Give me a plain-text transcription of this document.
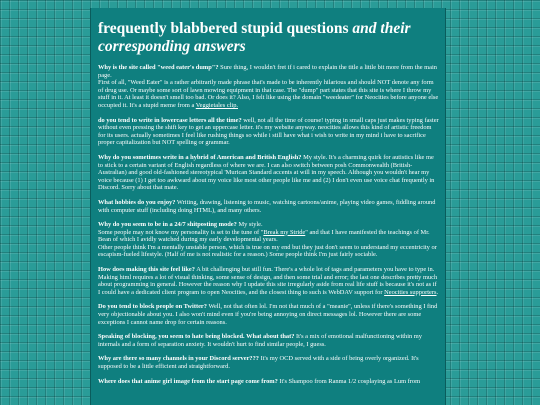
frequently blabbered stupid questions and their corresponding answers
Why is the site called "weed eater's dump"? Sure thing, I wouldn't fret if i cared to explain the title a little bit more from the main page.
First of all, "Weed Eater" is a rather arbitrarily made phrase that's made to be inherently hilarious and should NOT denote any form of drug use. Or maybe some sort of lawn mowing equipment in that case. The "dump" part states that this site is where I throw my stuff in it. At least it doesn't smell too bad. Or does it? Also, I felt like using the domain "weedeater" for Neocities before anyone else occupied it. It's a stupid meme from a Veggietales clip.
do you tend to write in lowercase letters all the time? well, not all the time of course! typing in small caps just makes typing faster without even pressing the shift key to get an uppercase letter. it's my website anyway. neocities allows this kind of artistic freedom for its users. actually sometimes I feel like rushing things so while i still have what i wish to write in my mind i have to sacrifice proper capitalization but NOT spelling or grammar.
Why do you sometimes write in a hybrid of American and British English? My style. It's a charming quirk for autistics like me to stick to a certain variant of English regardless of where we are. I can also switch between posh Commonwealth (British-Australian) and good old-fashioned stereotypical 'Murican Standard accents at will in my speech. Although you wouldn't hear my voice because (1) I get too awkward about my voice like most other people like me and (2) I don't even use voice chat frequently in Discord. Sorry about that mate.
What hobbies do you enjoy? Writing, drawing, listening to music, watching cartoons/anime, playing video games, fiddling around with computer stuff (including doing HTML), and many others.
Why do you seem to be in a 24/7 shitposting mode? My style.
Some people may not know my personality is set to the tune of "Break my Stride" and that I have manifested the teachings of Mr. Bean of which I avidly watched during my early developmental years.
Other people think I'm a mentally unstable person, which is true on my end but they just don't seem to understand my eccentricity or escapism-fueled lifestyle. (Half of me is not realistic for a reason.) Some people think I'm just fairly sociable.
How does making this site feel like? A bit challenging but still fun. There's a whole lot of tags and parameters you have to type in. Making html requires a lot of visual thinking, some sense of design, and then some trial and error; the last one describes pretty much about programming in general. However the reason why I update this site irregularly aside from real life stuff is because it's not as if I could have a dedicated client program to open Neocities, and the closest thing to such is WebDAV support for Neocities supporters.
Do you tend to block people on Twitter? Well, not that often lol. I'm not that much of a "meanie", unless if there's something I find very objectionable about you. I also won't mind even if you're being annoying on direct messages lol. However there are some exceptions I cannot name drop for certain reasons.
Speaking of blocking, you seem to hate being blocked. What about that? It's a mix of emotional malfunctioning within my internals and a form of separation anxiety. It wouldn't hurt to find similar people, I guess.
Why are there so many channels in your Discord server??? It's my OCD served with a side of being overly organized. It's supposed to be a little efficient and straightforward.
Where does that anime girl image from the start page come from? It's Shampoo from Ranma 1/2 cosplaying as Lum from
